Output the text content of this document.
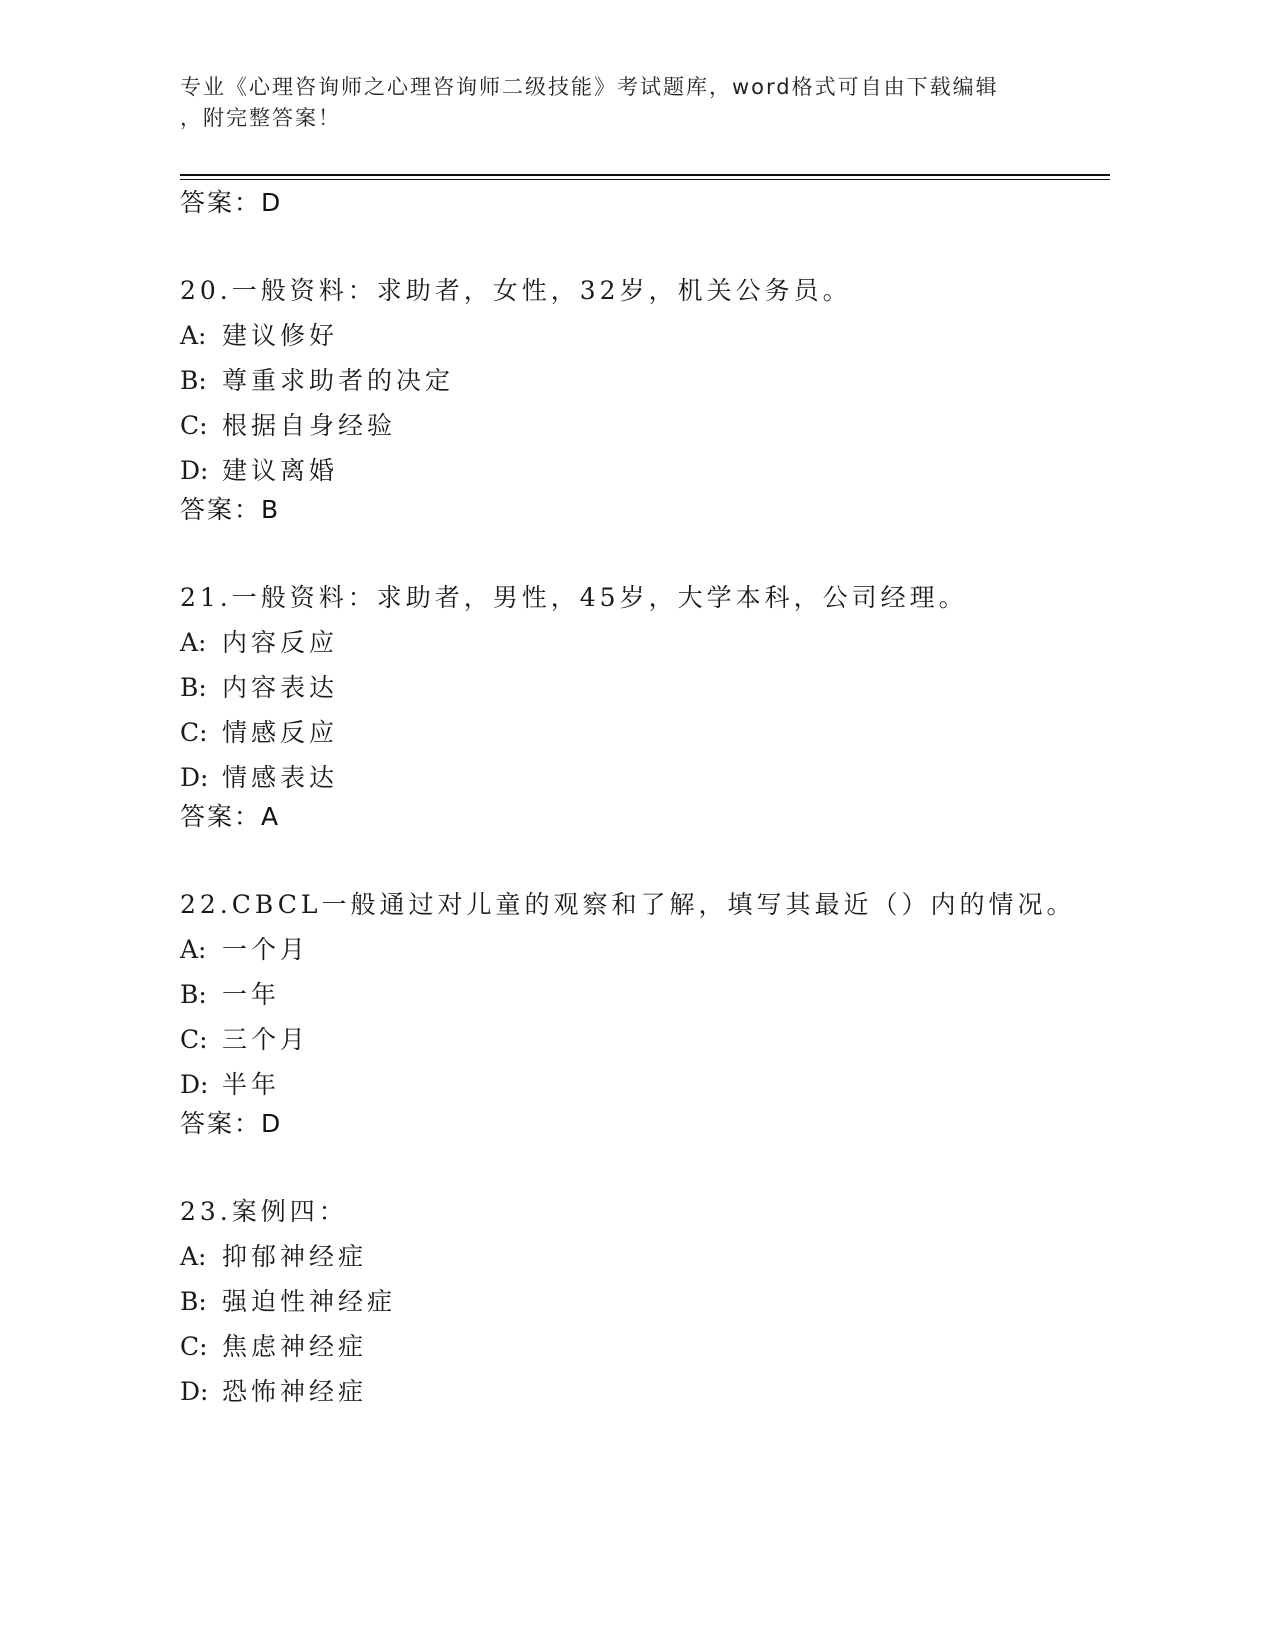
专业《心理咨询师之心理咨询师二级技能》考试题库，word格式可自由下载编辑
，附完整答案！
答案：D
20.一般资料：求助者，女性，32岁，机关公务员。
A: 建议修好
B: 尊重求助者的决定
C: 根据自身经验
D: 建议离婚
答案：B
21.一般资料：求助者，男性，45岁，大学本科，公司经理。
A: 内容反应
B: 内容表达
C: 情感反应
D: 情感表达
答案：A
22.CBCL一般通过对儿童的观察和了解，填写其最近（）内的情况。
A: 一个月
B: 一年
C: 三个月
D: 半年
答案：D
23.案例四：
A: 抑郁神经症
B: 强迫性神经症
C: 焦虑神经症
D: 恐怖神经症
